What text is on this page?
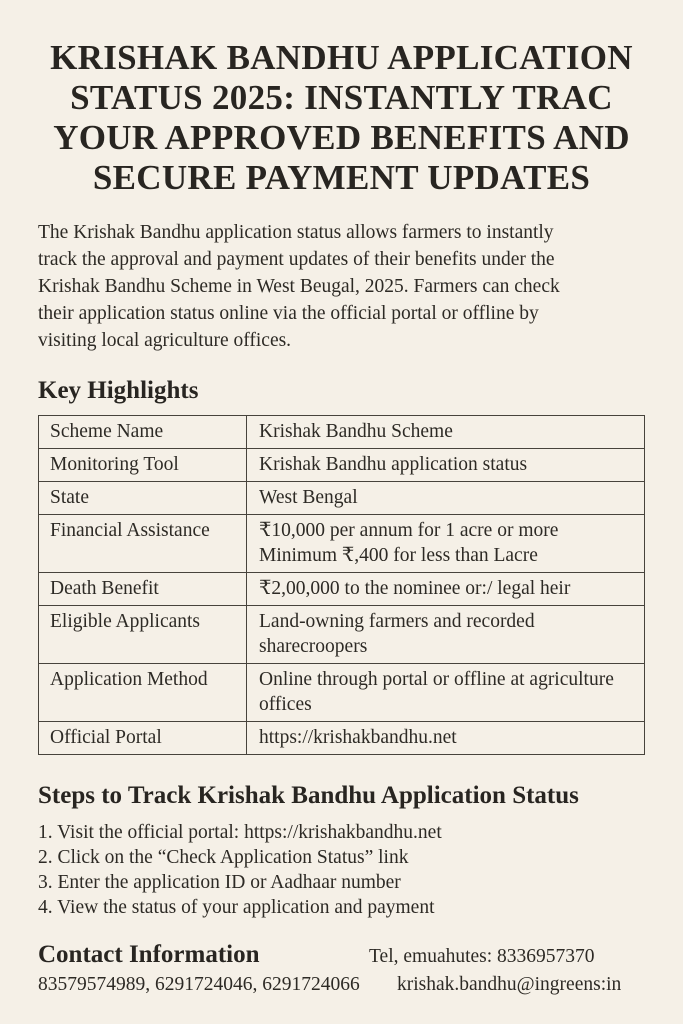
KRISHAK BANDHU APPLICATION
STATUS 2025: INSTANTLY TRAC
YOUR APPROVED BENEFITS AND
SECURE PAYMENT UPDATES

The Krishak Bandhu application status allows farmers to instantly
track the approval and payment updates of their benefits under the
Krishak Bandhu Scheme in West Beugal, 2025. Farmers can check
their application status online via the official portal or offline by
visiting local agriculture offices.

Key Highlights
Scheme Name	Krishak Bandhu Scheme
Monitoring Tool	Krishak Bandhu application status
State	West Bengal
Financial Assistance	₹10,000 per annum for 1 acre or more
Minimum ₹,400 for less than Lacre
Death Benefit	₹2,00,000 to the nominee or:/ legal heir
Eligible Applicants	Land-owning farmers and recorded
sharecroopers
Application Method	Online through portal or offline at agriculture
offices
Official Portal	https://krishakbandhu.net
Steps to Track Krishak Bandhu Application Status
1. Visit the official portal: https://krishakbandhu.net
2. Click on the “Check Application Status” link
3. Enter the application ID or Aadhaar number
4. View the status of your application and payment
Contact Information	Tel, emuahutes: 8336957370
83579574989, 6291724046, 6291724066 krishak.bandhu@ingreens:in
